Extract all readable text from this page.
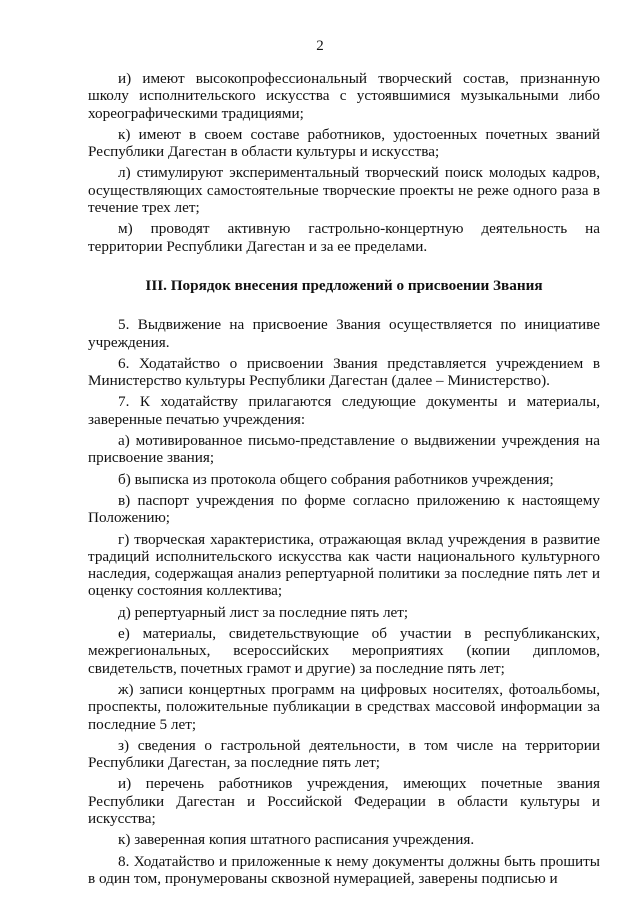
2

и) имеют высокопрофессиональный творческий состав, признанную школу исполнительского искусства с устоявшимися музыкальными либо хореографическими традициями;

к) имеют в своем составе работников, удостоенных почетных званий Республики Дагестан в области культуры и искусства;

л) стимулируют экспериментальный творческий поиск молодых кадров, осуществляющих самостоятельные творческие проекты не реже одного раза в течение трех лет;

м) проводят активную гастрольно-концертную деятельность на территории Республики Дагестан и за ее пределами.

III. Порядок внесения предложений о присвоении Звания

5. Выдвижение на присвоение Звания осуществляется по инициативе учреждения.

6. Ходатайство о присвоении Звания представляется учреждением в Министерство культуры Республики Дагестан (далее – Министерство).

7. К ходатайству прилагаются следующие документы и материалы, заверенные печатью учреждения:

а) мотивированное письмо-представление о выдвижении учреждения на присвоение звания;

б) выписка из протокола общего собрания работников учреждения;

в) паспорт учреждения по форме согласно приложению к настоящему Положению;

г) творческая характеристика, отражающая вклад учреждения в развитие традиций исполнительского искусства как части национального культурного наследия, содержащая анализ репертуарной политики за последние пять лет и оценку состояния коллектива;

д) репертуарный лист за последние пять лет;

е) материалы, свидетельствующие об участии в республиканских, межрегиональных, всероссийских мероприятиях (копии дипломов, свидетельств, почетных грамот и другие) за последние пять лет;

ж) записи концертных программ на цифровых носителях, фотоальбомы, проспекты, положительные публикации в средствах массовой информации за последние 5 лет;

з) сведения о гастрольной деятельности, в том числе на территории Республики Дагестан, за последние пять лет;

и) перечень работников учреждения, имеющих почетные звания Республики Дагестан и Российской Федерации в области культуры и искусства;

к) заверенная копия штатного расписания учреждения.

8. Ходатайство и приложенные к нему документы должны быть прошиты в один том, пронумерованы сквозной нумерацией, заверены подписью и
